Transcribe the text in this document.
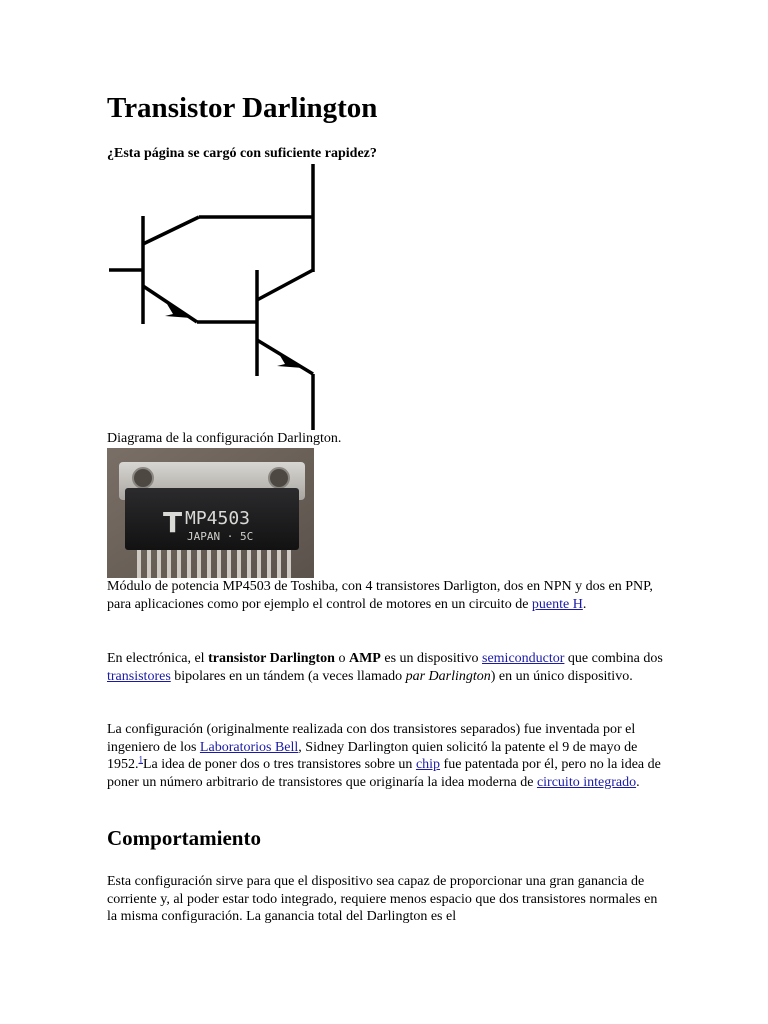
Transistor Darlington

¿Esta página se cargó con suficiente rapidez?

Diagrama de la configuración Darlington.
T MP4503
JAPAN · 5C

Módulo de potencia MP4503 de Toshiba, con 4 transistores Darligton, dos en NPN y dos en PNP, para aplicaciones como por ejemplo el control de motores en un circuito de puente H.

En electrónica, el transistor Darlington o AMP es un dispositivo semiconductor que combina dos transistores bipolares en un tándem (a veces llamado par Darlington) en un único dispositivo.

La configuración (originalmente realizada con dos transistores separados) fue inventada por el ingeniero de los Laboratorios Bell, Sidney Darlington quien solicitó la patente el 9 de mayo de 1952.$^1$La idea de poner dos o tres transistores sobre un chip fue patentada por él, pero no la idea de poner un número arbitrario de transistores que originaría la idea moderna de circuito integrado.

Comportamiento

Esta configuración sirve para que el dispositivo sea capaz de proporcionar una gran ganancia de corriente y, al poder estar todo integrado, requiere menos espacio que dos transistores normales en la misma configuración. La ganancia total del Darlington es el
